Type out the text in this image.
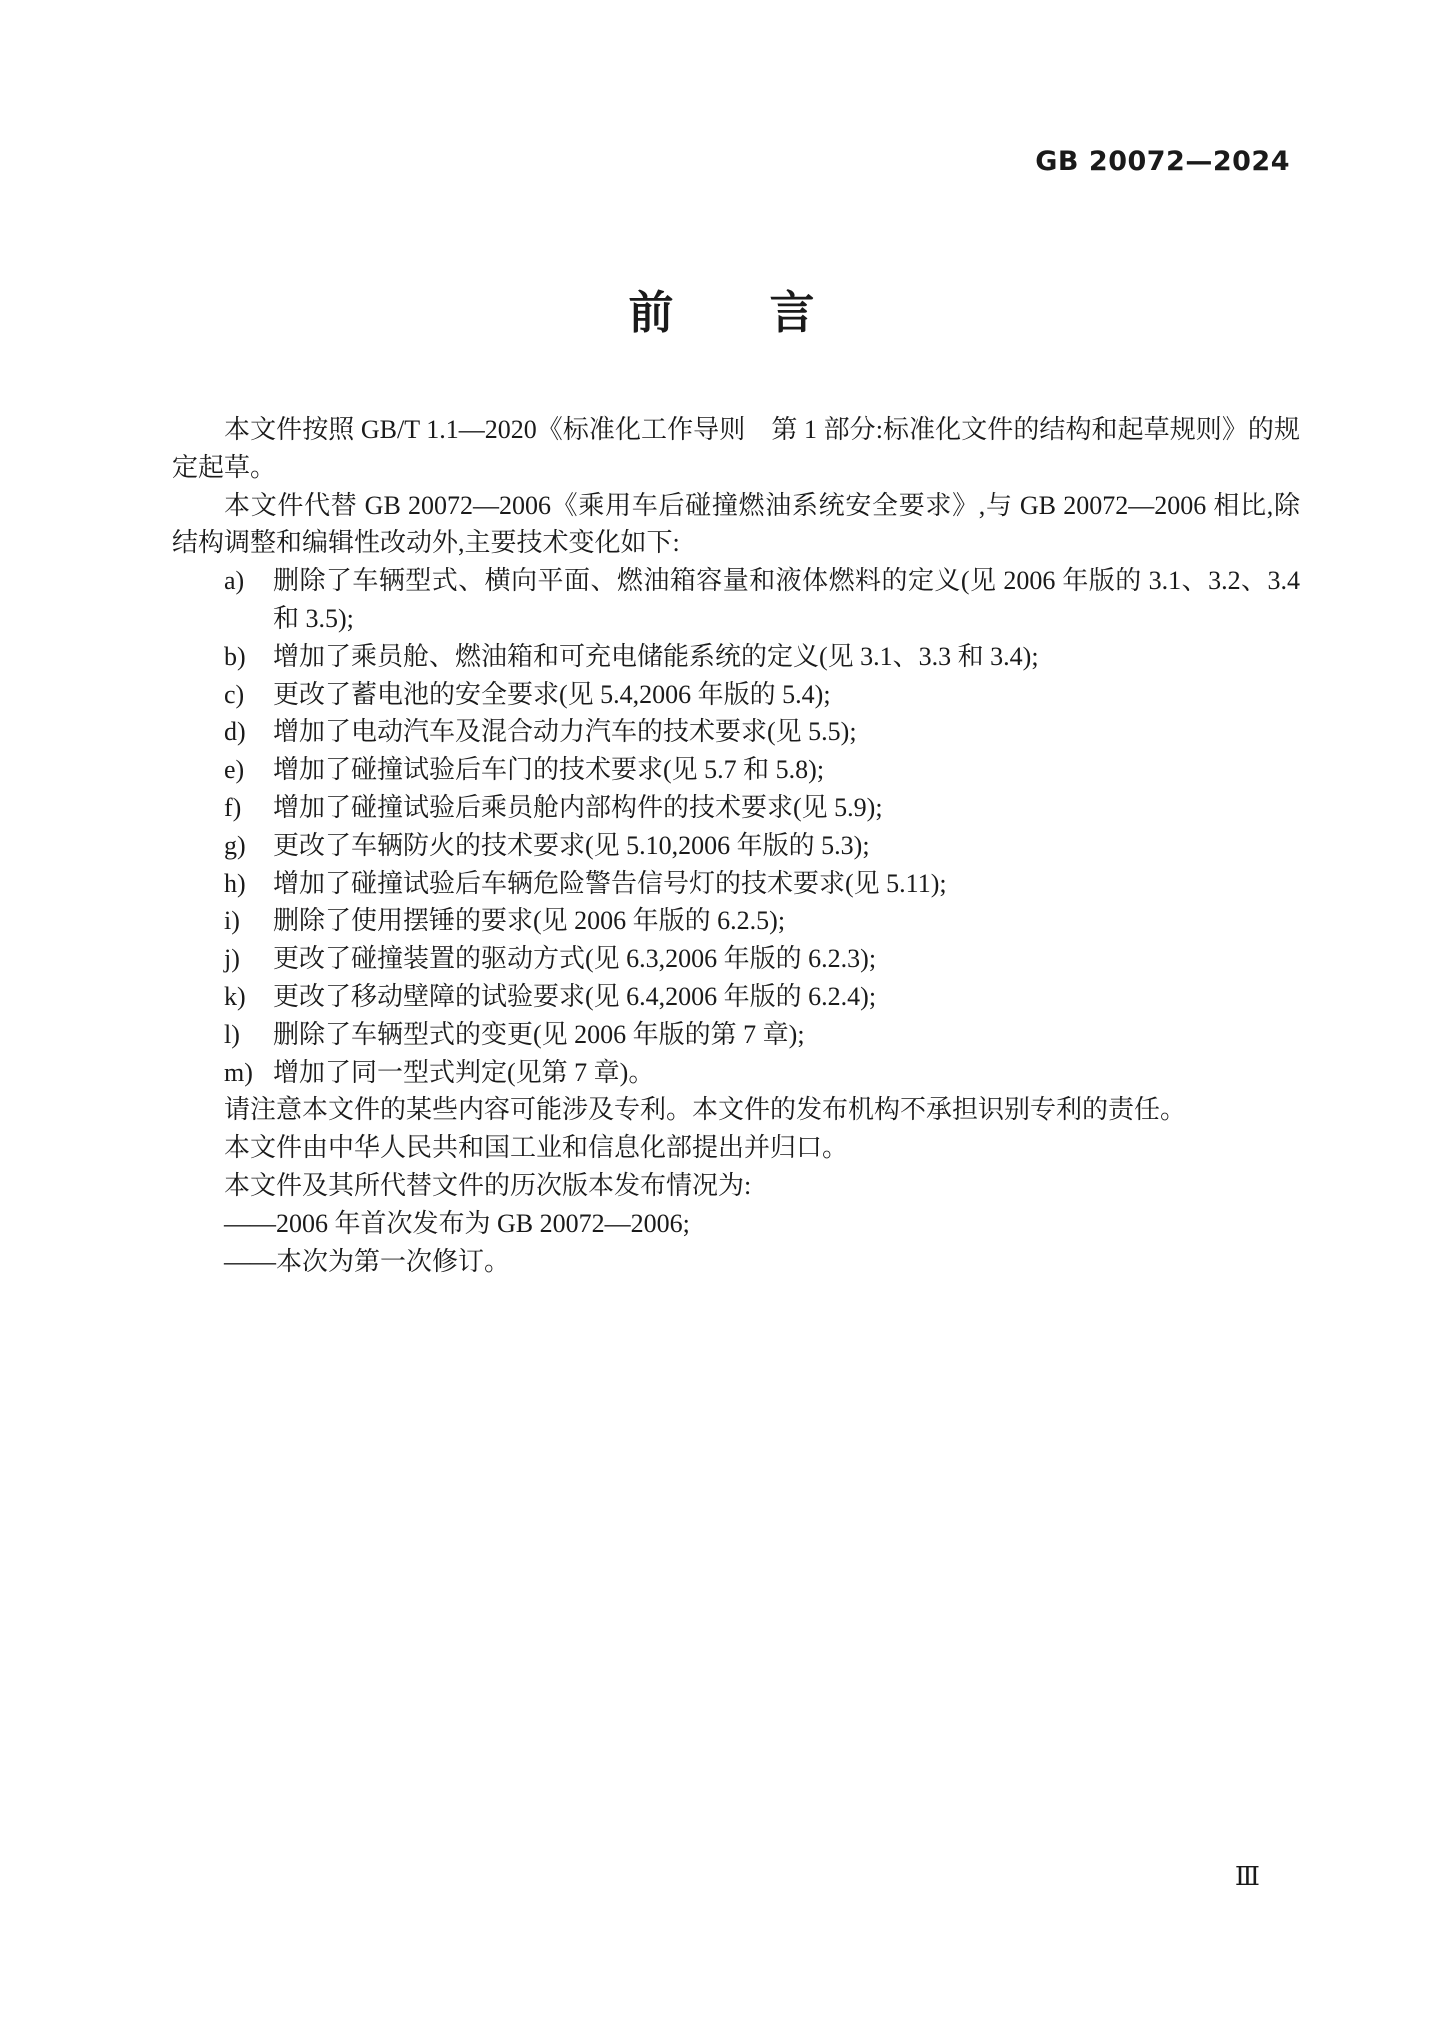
GB 20072—2024
前　　言
本文件按照 GB/T 1.1—2020《标准化工作导则　第 1 部分:标准化文件的结构和起草规则》的规定起草。
本文件代替 GB 20072—2006《乘用车后碰撞燃油系统安全要求》,与 GB 20072—2006 相比,除结构调整和编辑性改动外,主要技术变化如下:
a)	删除了车辆型式、横向平面、燃油箱容量和液体燃料的定义(见 2006 年版的 3.1、3.2、3.4 和 3.5);
b)	增加了乘员舱、燃油箱和可充电储能系统的定义(见 3.1、3.3 和 3.4);
c)	更改了蓄电池的安全要求(见 5.4,2006 年版的 5.4);
d)	增加了电动汽车及混合动力汽车的技术要求(见 5.5);
e)	增加了碰撞试验后车门的技术要求(见 5.7 和 5.8);
f)	增加了碰撞试验后乘员舱内部构件的技术要求(见 5.9);
g)	更改了车辆防火的技术要求(见 5.10,2006 年版的 5.3);
h)	增加了碰撞试验后车辆危险警告信号灯的技术要求(见 5.11);
i)	删除了使用摆锤的要求(见 2006 年版的 6.2.5);
j)	更改了碰撞装置的驱动方式(见 6.3,2006 年版的 6.2.3);
k)	更改了移动壁障的试验要求(见 6.4,2006 年版的 6.2.4);
l)	删除了车辆型式的变更(见 2006 年版的第 7 章);
m) 增加了同一型式判定(见第 7 章)。
请注意本文件的某些内容可能涉及专利。本文件的发布机构不承担识别专利的责任。
本文件由中华人民共和国工业和信息化部提出并归口。
本文件及其所代替文件的历次版本发布情况为:
——2006 年首次发布为 GB 20072—2006;
——本次为第一次修订。
Ⅲ
